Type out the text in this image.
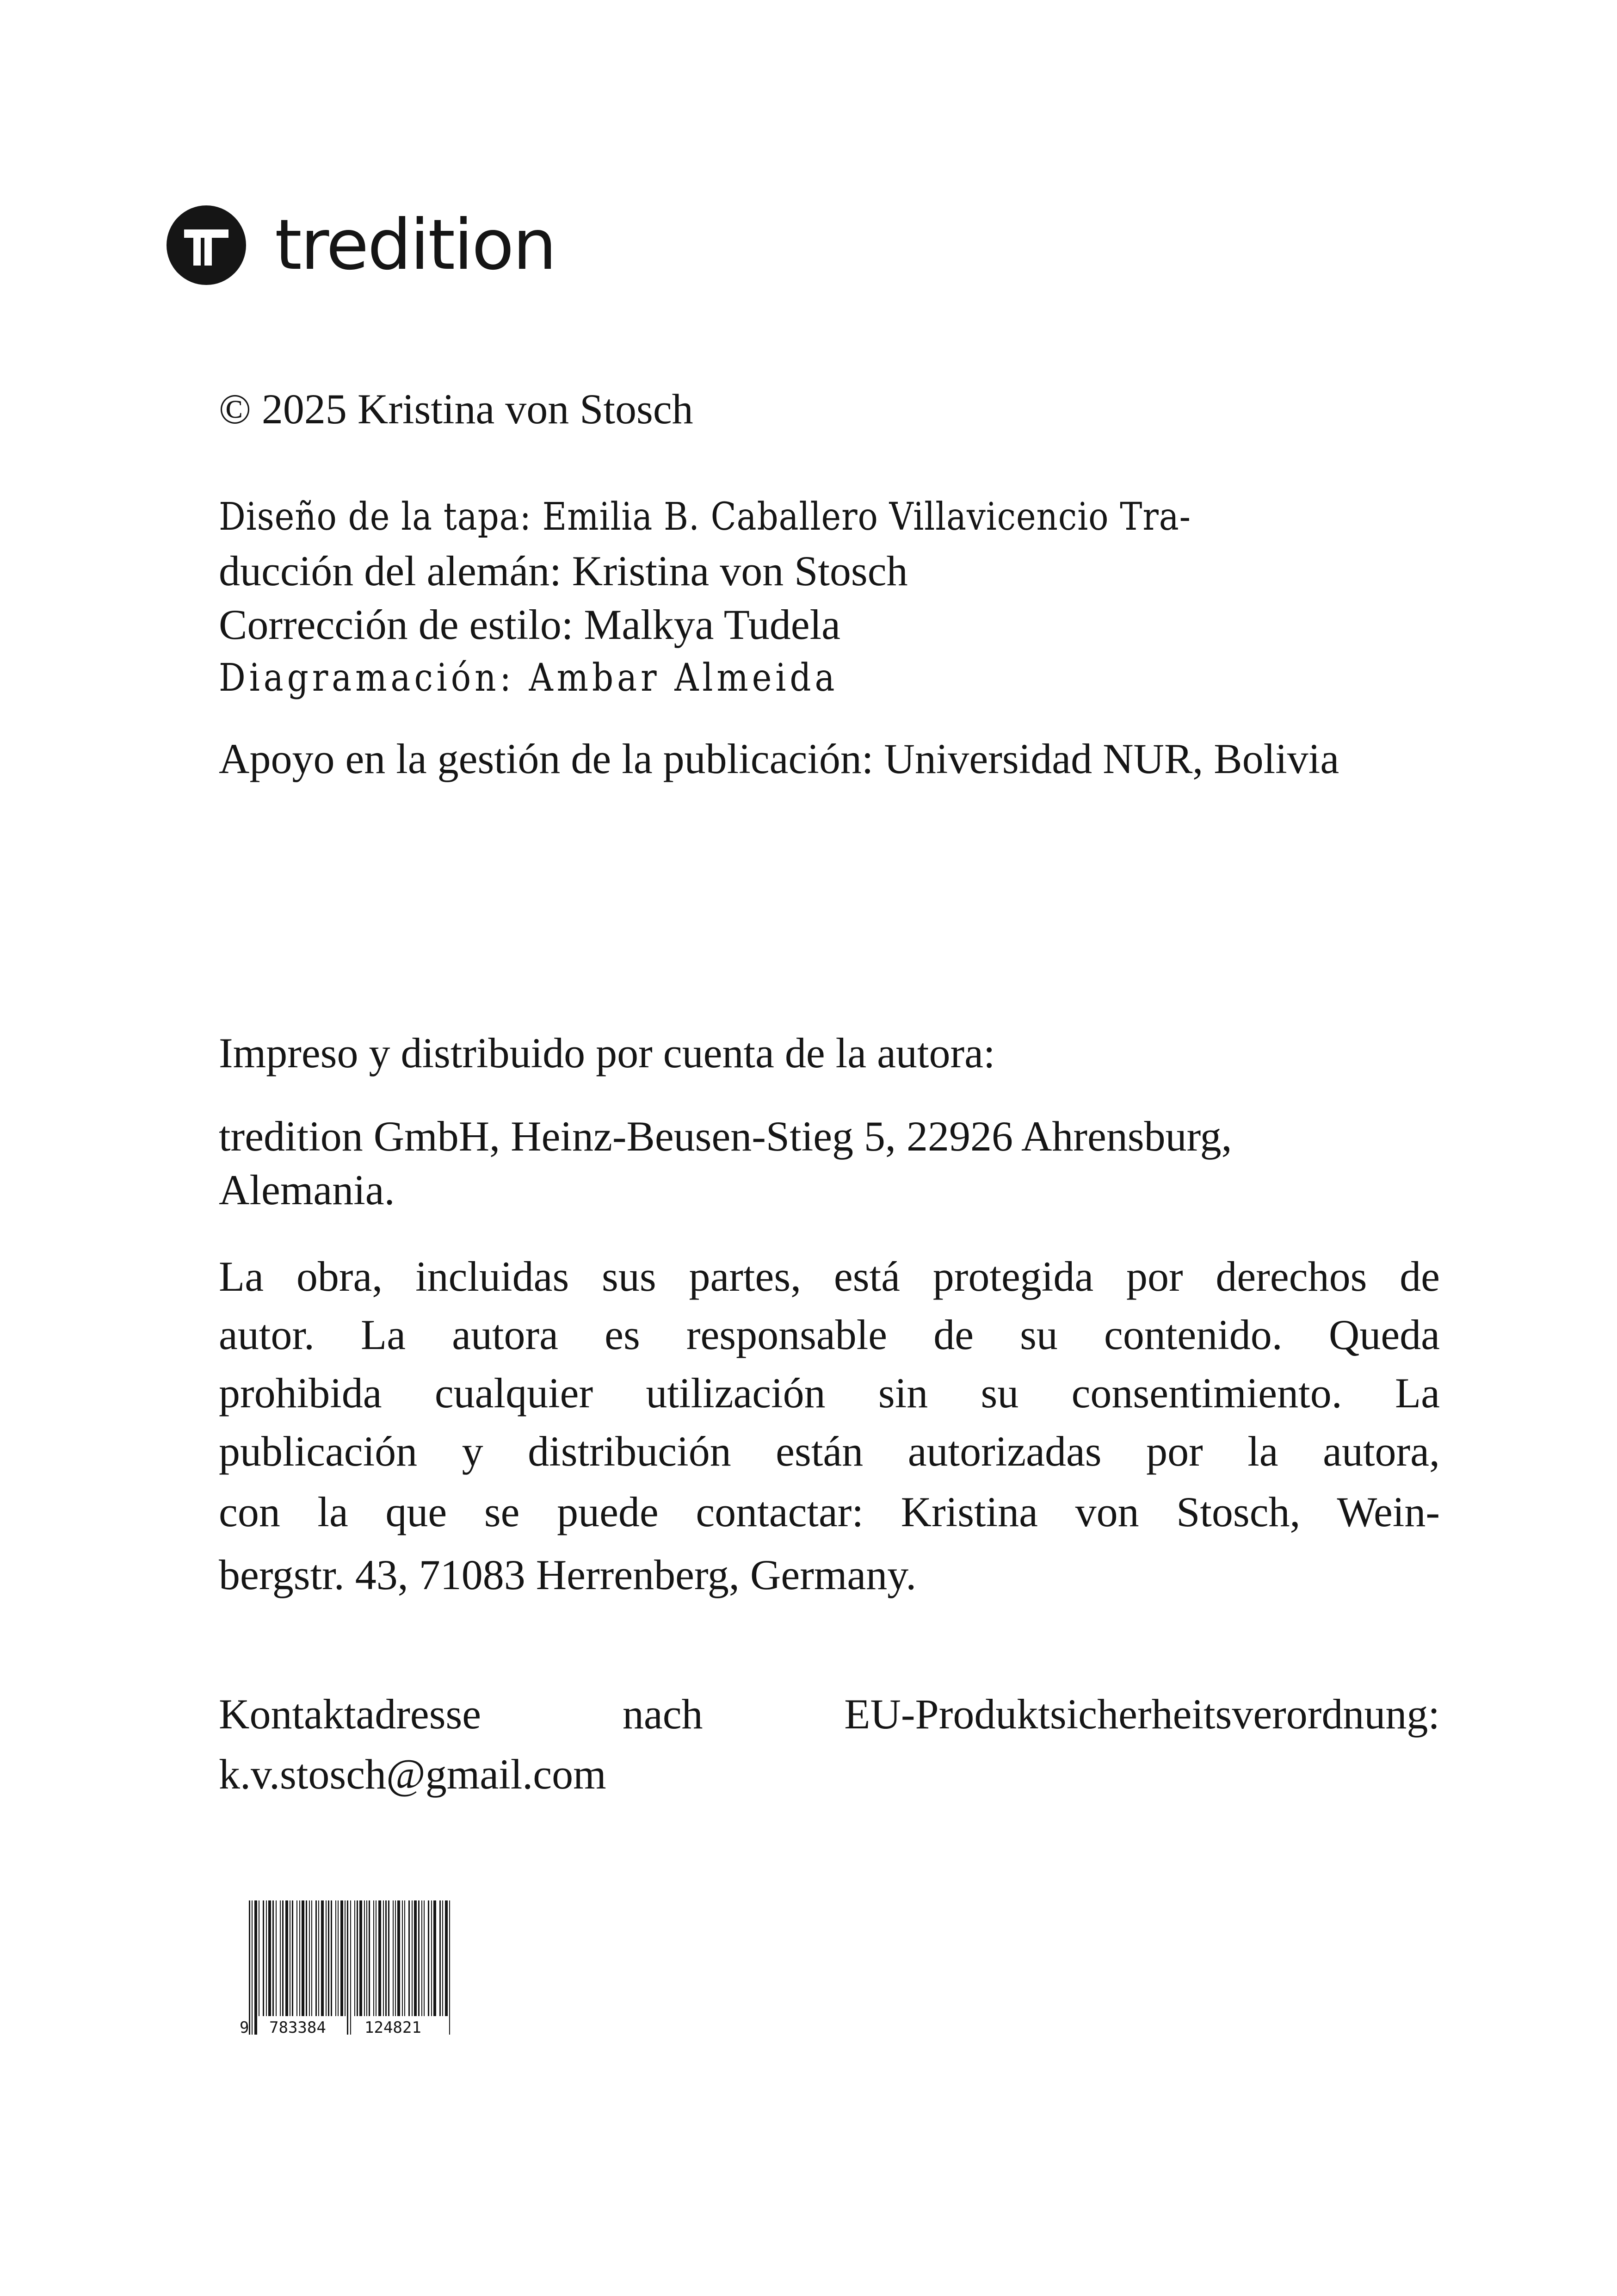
tredition
© 2025 Kristina von Stosch
Diseño de la tapa: Emilia B. Caballero Villavicencio Tra-
ducción del alemán: Kristina von Stosch
Corrección de estilo: Malkya Tudela
Diagramación: Ambar Almeida
Apoyo en la gestión de la publicación: Universidad NUR, Bolivia
Impreso y distribuido por cuenta de la autora:
tredition GmbH, Heinz-Beusen-Stieg 5, 22926 Ahrensburg,
Alemania.
La obra, incluidas sus partes, está protegida por derechos de
autor. La autora es responsable de su contenido. Queda
prohibida cualquier utilización sin su consentimiento. La
publicación y distribución están autorizadas por la autora,
con la que se puede contactar: Kristina von Stosch, Wein-
bergstr. 43, 71083 Herrenberg, Germany.
Kontaktadresse nach EU-Produktsicherheitsverordnung:
k.v.stosch@gmail.com
9 783384 124821
